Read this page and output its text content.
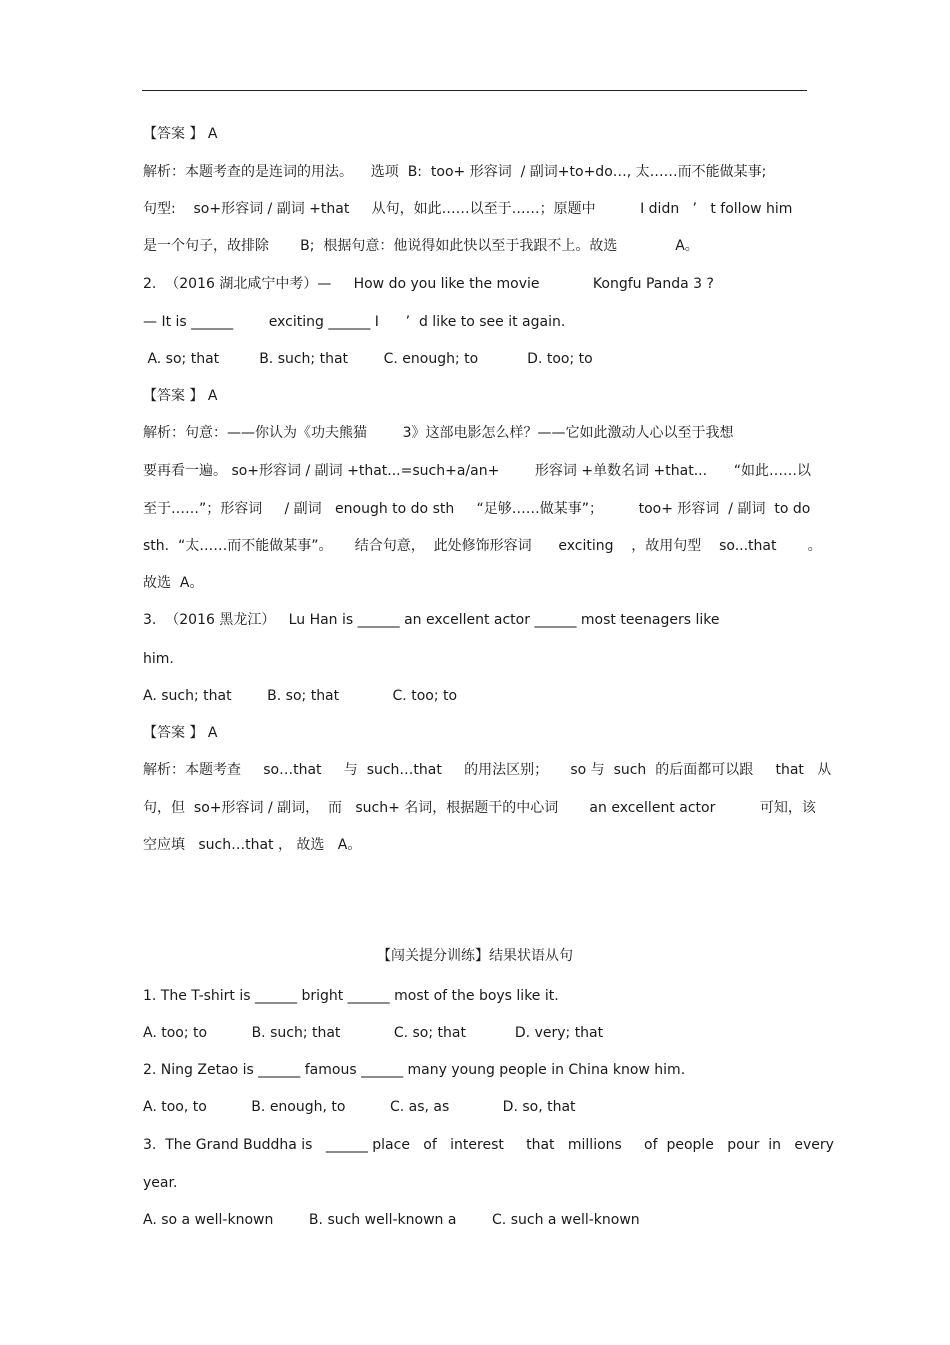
【答案 】 A
解析：本题考查的是连词的用法。    选项  B:  too+ 形容词  / 副词+to+do…, 太……而不能做某事;
句型:    so+形容词 / 副词 +that     从句，如此……以至于……；原题中          I didn   ’   t follow him
是一个句子，故排除       B;  根据句意：他说得如此快以至于我跟不上。故选             A。
2.  （2016 湖北咸宁中考）—     How do you like the movie            Kongfu Panda 3 ?
— It is ______        exciting ______ I      ’  d like to see it again.
A. so; that         B. such; that        C. enough; to           D. too; to
【答案 】 A
解析：句意：——你认为《功夫熊猫        3》这部电影怎么样？——它如此激动人心以至于我想
要再看一遍。 so+形容词 / 副词 +that...=such+a/an+        形容词 +单数名词 +that...      “如此……以
至于……”；形容词     / 副词   enough to do sth     “足够……做某事”；        too+ 形容词  / 副词  to do
sth.  “太……而不能做某事”。     结合句意，  此处修饰形容词      exciting    ，故用句型    so...that       。
故选  A。
3.  （2016 黑龙江）   Lu Han is ______ an excellent actor ______ most teenagers like
him.
A. such; that        B. so; that            C. too; to
【答案 】 A
解析：本题考查     so…that     与  such…that     的用法区别；     so 与  such  的后面都可以跟     that   从
句，但  so+形容词 / 副词，  而   such+ 名词，根据题干的中心词       an excellent actor          可知，该
空应填   such…that ， 故选   A。
【闯关提分训练】结果状语从句
1. The T-shirt is ______ bright ______ most of the boys like it.
A. too; to          B. such; that            C. so; that           D. very; that
2. Ning Zetao is ______ famous ______ many young people in China know him.
A. too, to          B. enough, to          C. as, as            D. so, that
3.  The Grand Buddha is   ______ place   of   interest     that   millions     of  people   pour  in   every
year.
A. so a well-known        B. such well-known a        C. such a well-known
